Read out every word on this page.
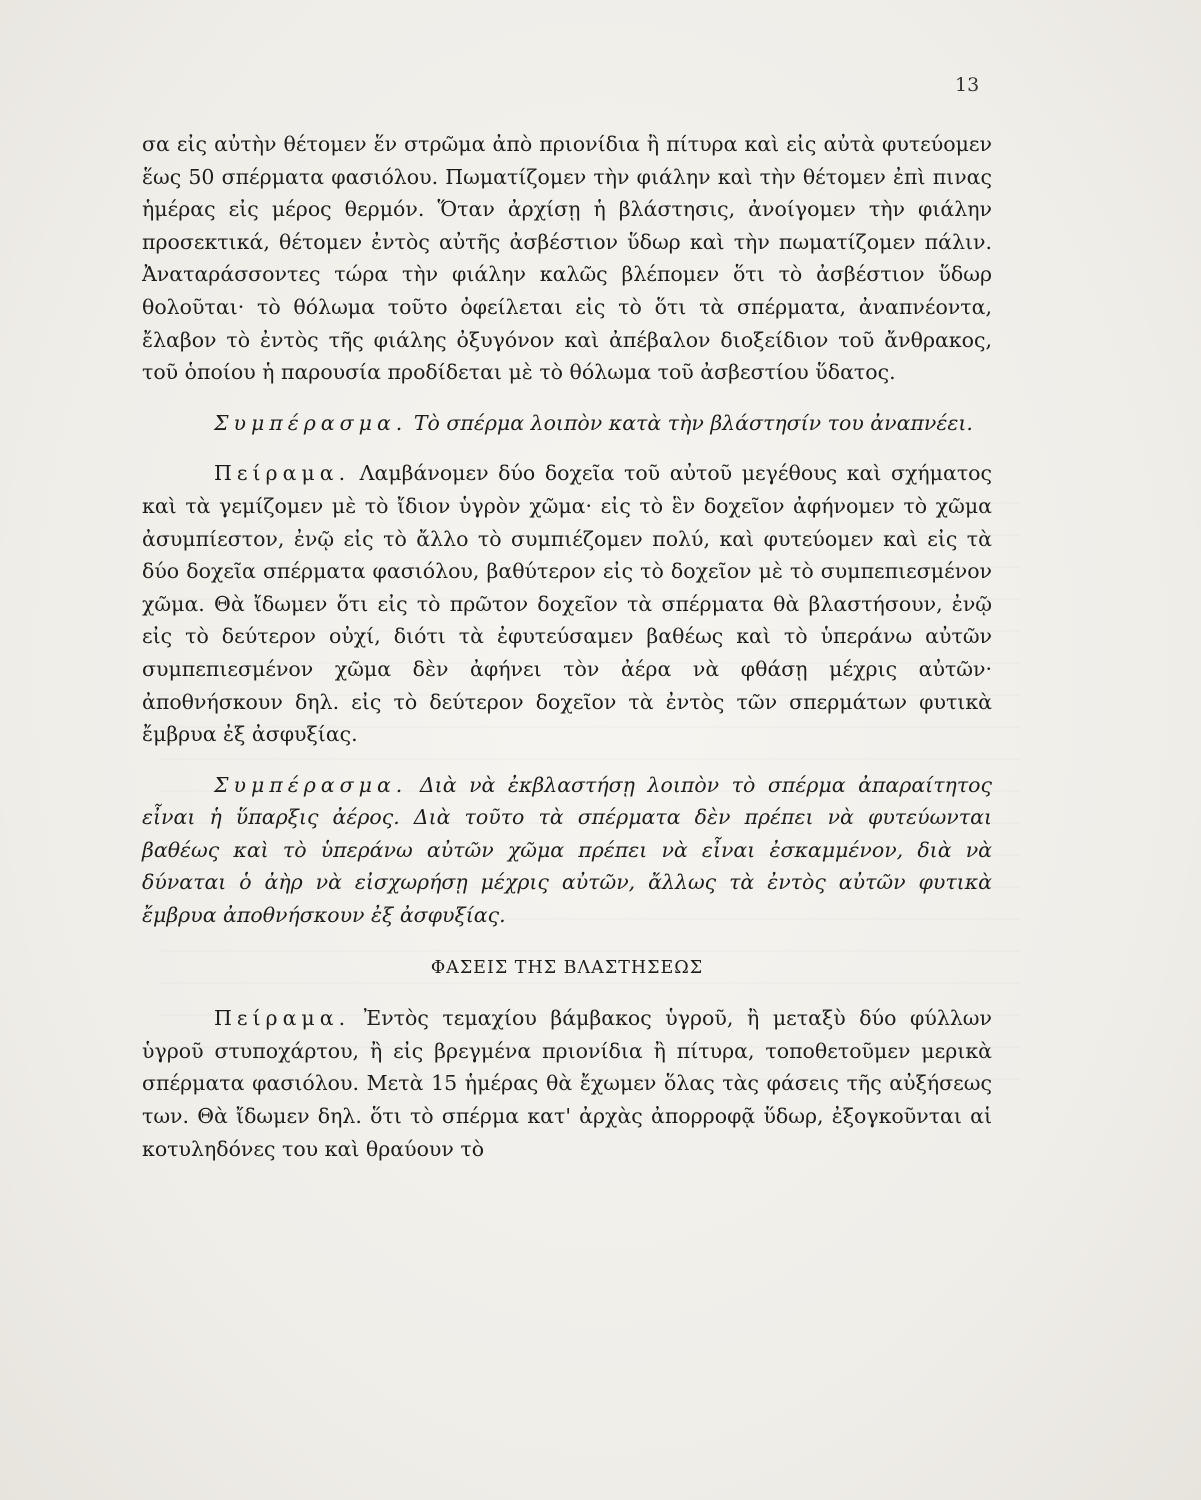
13

σα εἰς αὐτὴν θέτομεν ἕν στρῶμα ἀπὸ πριονίδια ἢ πίτυρα καὶ εἰς αὐτὰ φυτεύομεν ἕως 50 σπέρματα φασιόλου. Πωματίζομεν τὴν φιάλην καὶ τὴν θέτομεν ἐπὶ πινας ἡμέρας εἰς μέρος θερμόν. Ὅταν ἀρχίσῃ ἡ βλάστησις, ἀνοίγομεν τὴν φιάλην προσεκτικά, θέτομεν ἐντὸς αὐτῆς ἀσβέστιον ὕδωρ καὶ τὴν πωματίζομεν πάλιν. Ἀναταράσσοντες τώρα τὴν φιάλην καλῶς βλέπομεν ὅτι τὸ ἀσβέστιον ὕδωρ θολοῦται· τὸ θόλωμα τοῦτο ὀφείλεται εἰς τὸ ὅτι τὰ σπέρματα, ἀναπνέοντα, ἔλαβον τὸ ἐντὸς τῆς φιάλης ὀξυγόνον καὶ ἀπέβαλον διοξείδιον τοῦ ἄνθρακος, τοῦ ὁποίου ἡ παρουσία προδίδεται μὲ τὸ θόλωμα τοῦ ἀσβεστίου ὕδατος.

Συμπέρασμα. Τὸ σπέρμα λοιπὸν κατὰ τὴν βλάστησίν του ἀναπνέει.

Πείραμα. Λαμβάνομεν δύο δοχεῖα τοῦ αὐτοῦ μεγέθους καὶ σχήματος καὶ τὰ γεμίζομεν μὲ τὸ ἴδιον ὑγρὸν χῶμα· εἰς τὸ ἓν δοχεῖον ἀφήνομεν τὸ χῶμα ἀσυμπίεστον, ἐνῷ εἰς τὸ ἄλλο τὸ συμπιέζομεν πολύ, καὶ φυτεύομεν καὶ εἰς τὰ δύο δοχεῖα σπέρματα φασιόλου, βαθύτερον εἰς τὸ δοχεῖον μὲ τὸ συμπεπιεσμένον χῶμα. Θὰ ἴδωμεν ὅτι εἰς τὸ πρῶτον δοχεῖον τὰ σπέρματα θὰ βλαστήσουν, ἐνῷ εἰς τὸ δεύτερον οὐχί, διότι τὰ ἐφυτεύσαμεν βαθέως καὶ τὸ ὑπεράνω αὐτῶν συμπεπιεσμένον χῶμα δὲν ἀφήνει τὸν ἀέρα νὰ φθάσῃ μέχρις αὐτῶν· ἀποθνήσκουν δηλ. εἰς τὸ δεύτερον δοχεῖον τὰ ἐντὸς τῶν σπερμάτων φυτικὰ ἔμβρυα ἐξ ἀσφυξίας.

Συμπέρασμα. Διὰ νὰ ἐκβλαστήσῃ λοιπὸν τὸ σπέρμα ἀπαραίτητος εἶναι ἡ ὕπαρξις ἀέρος. Διὰ τοῦτο τὰ σπέρματα δὲν πρέπει νὰ φυτεύωνται βαθέως καὶ τὸ ὑπεράνω αὐτῶν χῶμα πρέπει νὰ εἶναι ἐσκαμμένον, διὰ νὰ δύναται ὁ ἀὴρ νὰ εἰσχωρήσῃ μέχρις αὐτῶν, ἄλλως τὰ ἐντὸς αὐτῶν φυτικὰ ἔμβρυα ἀποθνήσκουν ἐξ ἀσφυξίας.

ΦΑΣΕΙΣ ΤΗΣ ΒΛΑΣΤΗΣΕΩΣ

Πείραμα. Ἐντὸς τεμαχίου βάμβακος ὑγροῦ, ἢ μεταξὺ δύο φύλλων ὑγροῦ στυποχάρτου, ἢ εἰς βρεγμένα πριονίδια ἢ πίτυρα, τοποθετοῦμεν μερικὰ σπέρματα φασιόλου. Μετὰ 15 ἡμέρας θὰ ἔχωμεν ὅλας τὰς φάσεις τῆς αὐξήσεως των. Θὰ ἴδωμεν δηλ. ὅτι τὸ σπέρμα κατ' ἀρχὰς ἀπορροφᾷ ὕδωρ, ἐξογκοῦνται αἱ κοτυληδόνες του καὶ θραύουν τὸ
